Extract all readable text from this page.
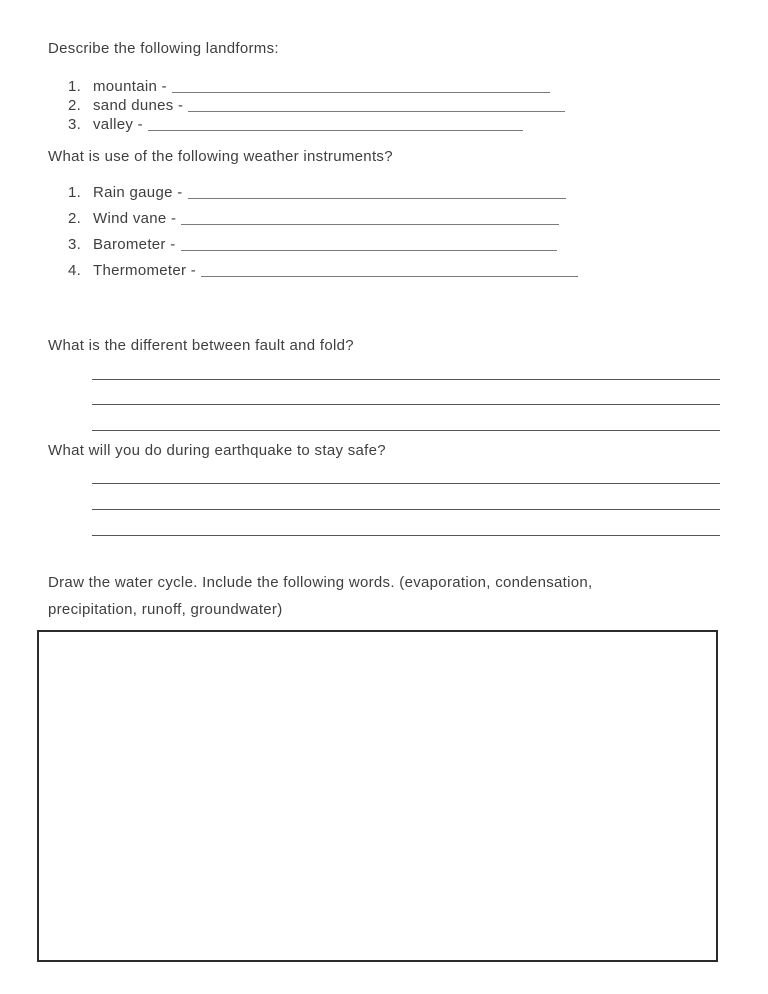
Describe the following landforms:
1. mountain -
2. sand dunes -
3. valley -
What is use of the following weather instruments?
1. Rain gauge -
2. Wind vane -
3. Barometer -
4. Thermometer -
What is the different between fault and fold?
What will you do during earthquake to stay safe?
Draw the water cycle. Include the following words. (evaporation, condensation,
precipitation, runoff, groundwater)
